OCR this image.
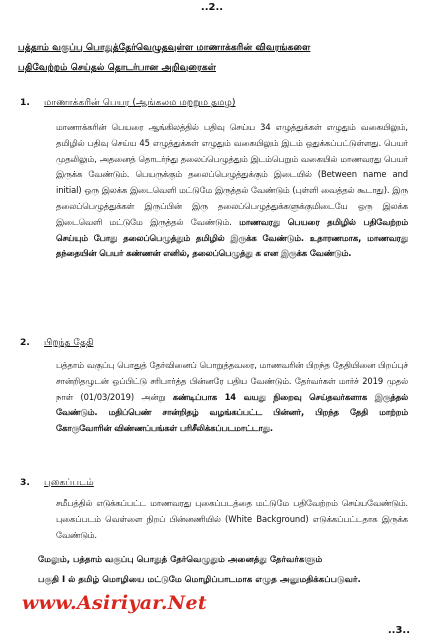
..2..
பத்தாம் வகுப்பு பொதுத்தேர்வெழுதவுள்ள மாணாக்கரின் விவரங்களை
பதிவேற்றம் செய்தல் தொடர்பான அறிவுரைகள்
1. மாணாக்கரின் பெயர (ஆங்கலம மறறும தமழ)
மாணாக்கரின் பெயரை ஆங்கிலத்தில் பதிவு செய்ய 34 எழுத்துக்கள் எழுதும் வகையிலும், தமிழில் பதிவு செய்ய 45 எழுத்துக்கள் எழுதும் வகையிலும் இடம் ஒதுக்கப்பட்டுள்ளது. பெயர் முதலிலும், அதனைத் தொடர்ந்து தலைப்பெழுத்தும் இடம்பெறும் வகையில் மாணவரது பெயர் இருக்க வேண்டும். பெயருக்கும் தலைப்பெழுத்துக்கும் இடையில் (Between name and initial) ஒரு இலக்க இடைவெளி மட்டுமே இருத்தல் வேண்டும் (புள்ளி வைத்தல் கூடாது). இரு தலைப்பெழுத்துக்கள் இருப்பின் இரு தலைப்பெழுத்துக்களுக்குமிடையே ஒரு இலக்க இடைவெளி மட்டுமே இருத்தல் வேண்டும். மாணவரது பெயரை தமிழில் பதிவேற்றம் செய்யும் போது தலைப்பெழுத்தும் தமிழில் இருக்க வேண்டும். உதாரணமாக, மாணவரது தந்தையின் பெயர் கண்ணன் எனில், தலைப்பெழுத்து க என இருக்க வேண்டும்.
2. பிறந்த தேதி
பத்தாம் வகுப்பு பொதுத் தேர்வினைப் பொறுத்தவரை, மாணவரின் பிறந்த தேதியினை பிறப்புச் சான்றிதழுடன் ஒப்பிட்டு சரிபார்த்த பின்னரே பதிய வேண்டும். தேர்வர்கள் மார்ச் 2019 முதல் நாள் (01/03/2019) அன்று கண்டிப்பாக 14 வயது நிறைவு செய்தவர்களாக இருத்தல் வேண்டும். மதிப்பெண் சான்றிதழ் வழங்கப்பட்ட பின்னர், பிறந்த தேதி மாற்றம் கோருவோரின் விண்ணப்பங்கள் பரிசீலிக்கப்படமாட்டாது.
3. புகைப்படம்
சமீபத்தில் எடுக்கப்பட்ட மாணவரது புகைப்படத்தை மட்டுமே பதிவேற்றம் செய்யவேண்டும். புகைப்படம் வெள்ளை நிறப் பின்னணியில் (White Background) எடுக்கப்பட்டதாக இருக்க வேண்டும்.
மேலும், பத்தாம் வகுப்பு பொதுத் தேர்வெழுதும் அனைத்து தேர்வர்களும்
பகுதி I ல் தமிழ் மொழியை மட்டுமே மொழிப்பாடமாக எழுத அனுமதிக்கப்படுவர்.
www.Asiriyar.Net
..3..
